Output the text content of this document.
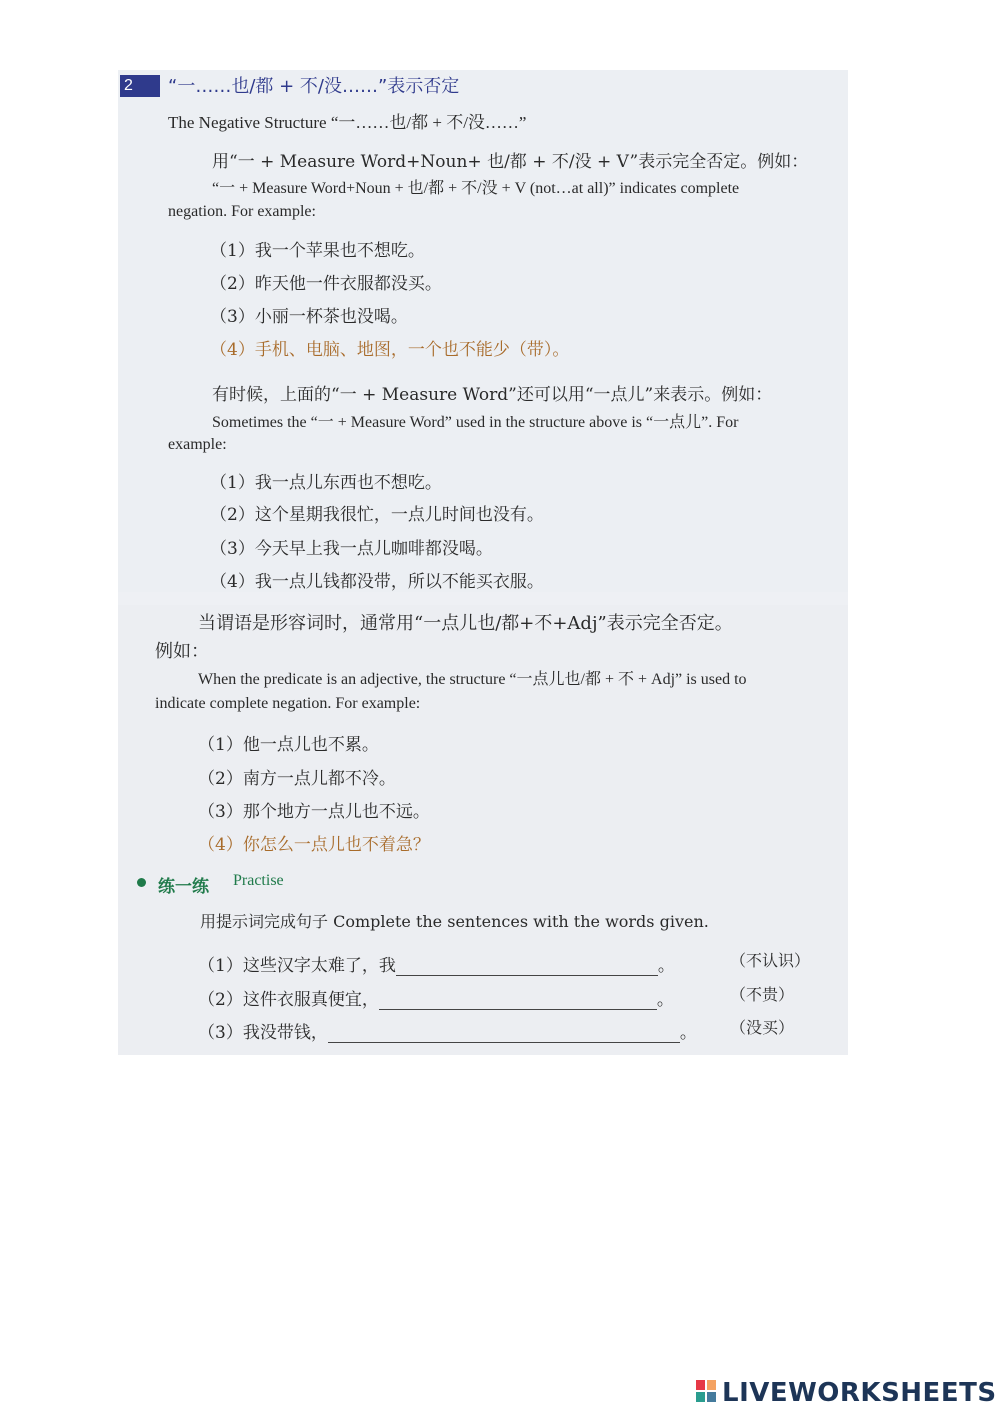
2	“一……也/都 + 不/没……”表示否定
The Negative Structure “一……也/都 + 不/没……”
用“一 + Measure Word+Noun+ 也/都 + 不/没 + V”表示完全否定。例如：
“一 + Measure Word+Noun + 也/都 + 不/没 + V (not…at all)” indicates complete
negation. For example:
（1）我一个苹果也不想吃。
（2）昨天他一件衣服都没买。
（3）小丽一杯茶也没喝。
（4）手机、电脑、地图，一个也不能少（带）。
有时候，上面的“一 + Measure Word”还可以用“一点儿”来表示。例如：
Sometimes the “一 + Measure Word” used in the structure above is “一点儿”. For
example:
（1）我一点儿东西也不想吃。
（2）这个星期我很忙，一点儿时间也没有。
（3）今天早上我一点儿咖啡都没喝。
（4）我一点儿钱都没带，所以不能买衣服。
当谓语是形容词时，通常用“一点儿也/都+不+Adj”表示完全否定。
例如：
When the predicate is an adjective, the structure “一点儿也/都 + 不 + Adj” is used to
indicate complete negation. For example:
（1）他一点儿也不累。
（2）南方一点儿都不冷。
（3）那个地方一点儿也不远。
（4）你怎么一点儿也不着急？
练一练 Practise
用提示词完成句子 Complete the sentences with the words given.
（1）这些汉字太难了，我	。	（不认识）
（2）这件衣服真便宜，	。	（不贵）
（3）我没带钱，	。 （没买）
LIVEWORKSHEETS
